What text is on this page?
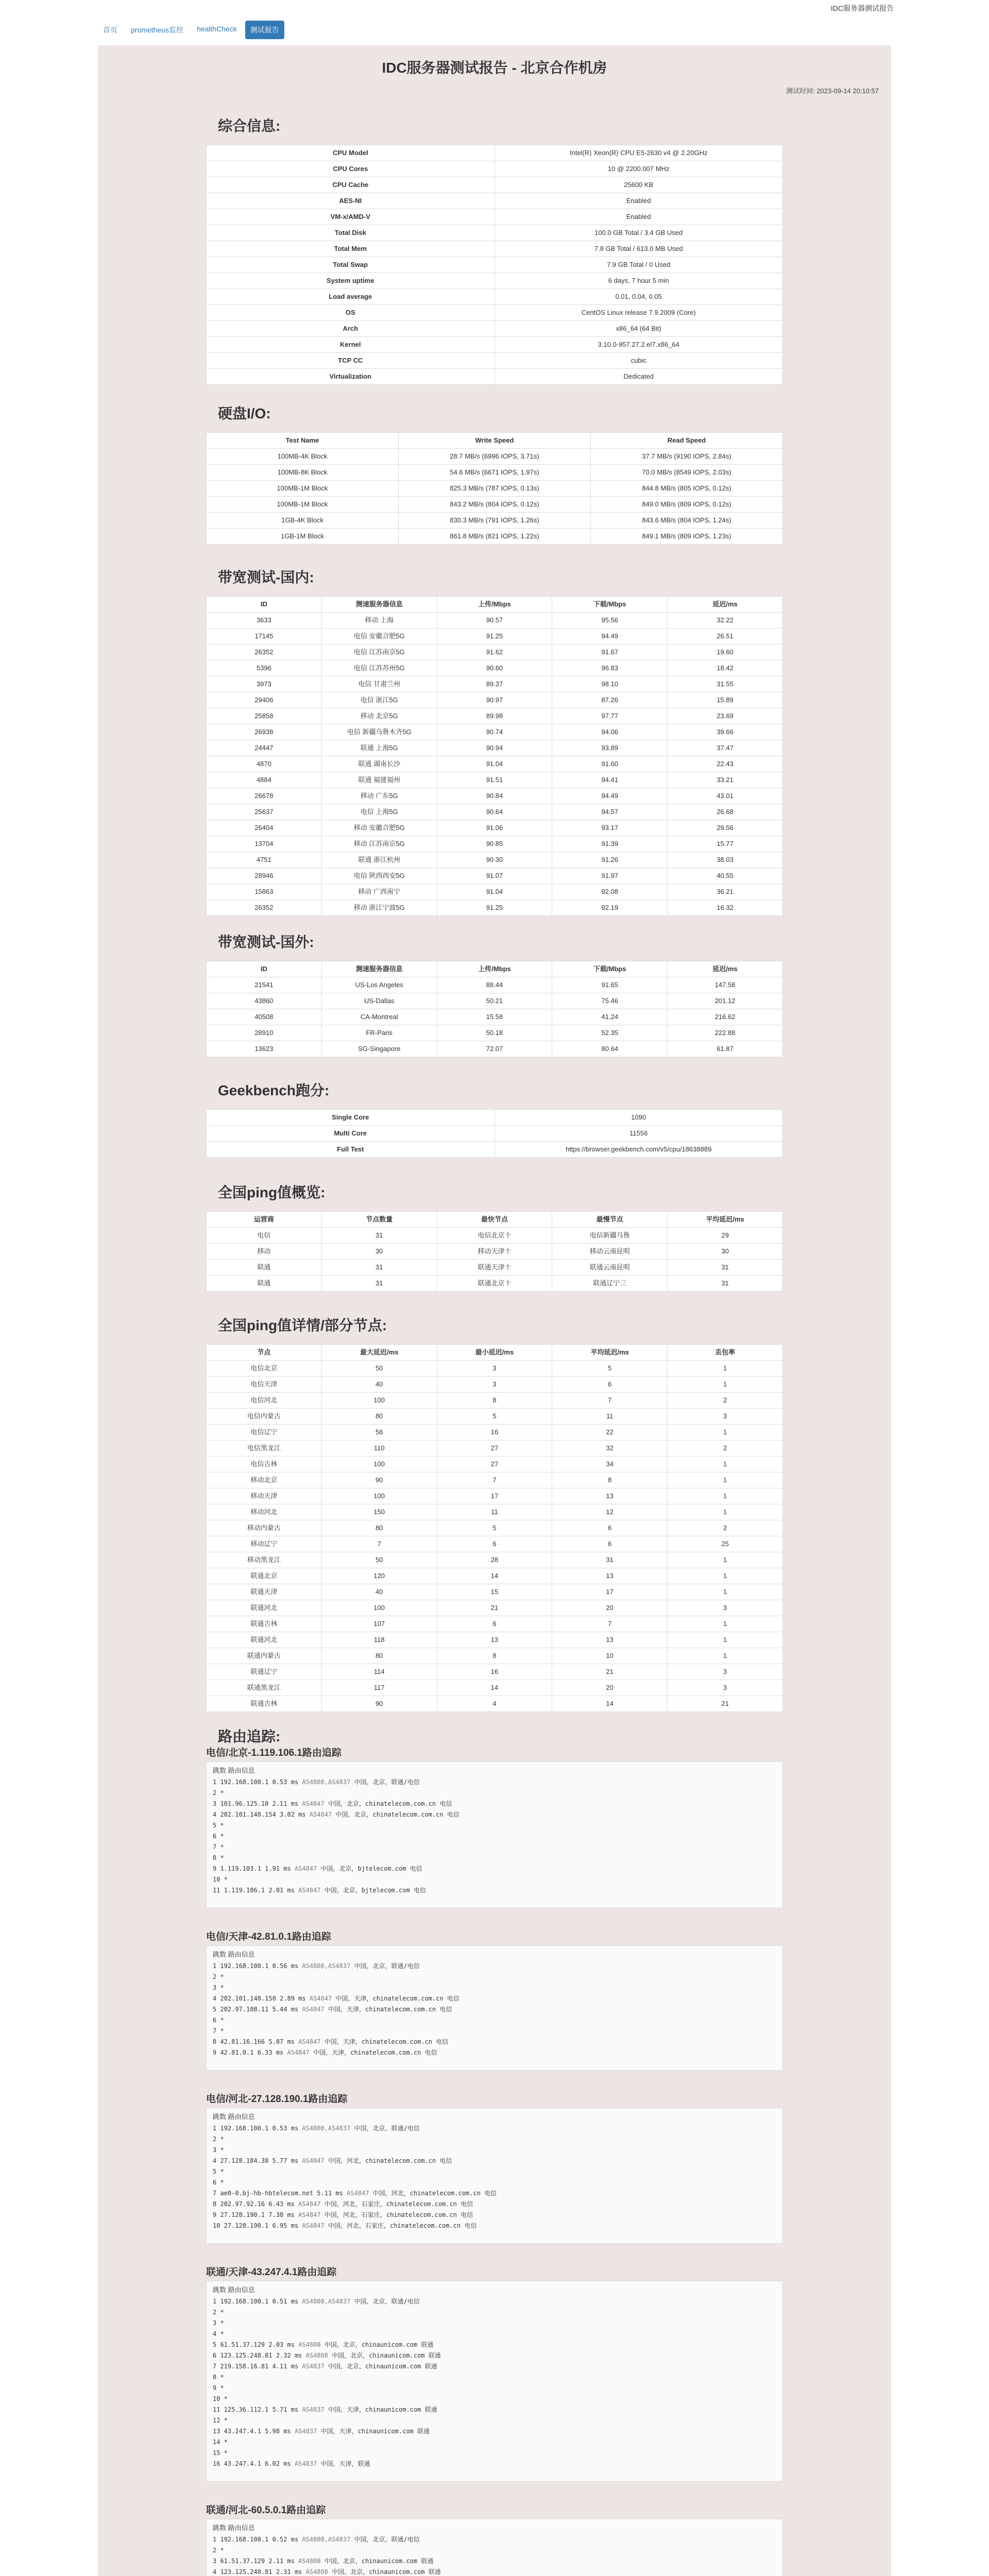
IDC服务器测试报告
首页	prometheus监控	healthCheck	测试报告
IDC服务器测试报告 - 北京合作机房
测试时间: 2023-09-14 20:10:57
综合信息:
CPU Model	Intel(R) Xeon(R) CPU E5-2630 v4 @ 2.20GHz
CPU Cores	10 @ 2200.007 MHz
CPU Cache	25600 KB
AES-NI	Enabled
VM-x/AMD-V	Enabled
Total Disk	100.0 GB Total / 3.4 GB Used
Total Mem	7.8 GB Total / 613.0 MB Used
Total Swap	7.9 GB Total / 0 Used
System uptime	6 days, 7 hour 5 min
Load average	0.01, 0.04, 0.05
OS	CentOS Linux release 7.9.2009 (Core)
Arch	x86_64 (64 Bit)
Kernel	3.10.0-957.27.2.el7.x86_64
TCP CC	cubic
Virtualization	Dedicated
硬盘I/O:
Test Name	Write Speed	Read Speed
100MB-4K Block	28.7 MB/s (6996 IOPS, 3.71s)	37.7 MB/s (9190 IOPS, 2.84s)
100MB-8K Block	54.6 MB/s (6671 IOPS, 1.97s)	70.0 MB/s (8549 IOPS, 2.03s)
100MB-1M Block	825.3 MB/s (787 IOPS, 0.13s)	844.8 MB/s (805 IOPS, 0.12s)
100MB-1M Block	843.2 MB/s (804 IOPS, 0.12s)	849.0 MB/s (809 IOPS, 0.12s)
1GB-4K Block	830.3 MB/s (791 IOPS, 1.26s)	843.6 MB/s (804 IOPS, 1.24s)
1GB-1M Block	861.8 MB/s (821 IOPS, 1.22s)	849.1 MB/s (809 IOPS, 1.23s)
带宽测试-国内:
ID	测速服务器信息	上传/Mbps	下载/Mbps	延迟/ms
3633	移动 上海	90.57	95.56	32.22
17145	电信 安徽合肥5G	91.25	94.49	26.51
26352	电信 江苏南京5G	91.62	91.67	19.60
5396	电信 江苏苏州5G	90.60	96.83	18.42
3973	电信 甘肃兰州	89.37	98.10	31.55
29406	电信 浙江5G	90.97	87.26	15.89
25858	移动 北京5G	89.98	97.77	23.69
26938	电信 新疆乌鲁木齐5G	90.74	94.06	39.66
24447	联通 上海5G	90.94	93.89	37.47
4870	联通 湖南长沙	91.04	91.60	22.43
4884	联通 福建福州	91.51	94.41	33.21
26678	移动 广东5G	90.84	94.49	43.01
25637	电信 上海5G	90.64	94.57	26.68
26404	移动 安徽合肥5G	91.06	93.17	29.56
13704	移动 江苏南京5G	90.85	91.39	15.77
4751	联通 浙江杭州	90.30	91.26	38.03
28946	电信 陕西西安5G	91.07	91.97	40.55
15863	移动 广西南宁	91.04	92.08	36.21
26352	移动 浙江宁波5G	91.25	92.19	16.32
带宽测试-国外:
ID	测速服务器信息	上传/Mbps	下载/Mbps	延迟/ms
21541	US-Los Angeles	88.44	91.65	147.58
43860	US-Dallas	50.21	75.46	201.12
40508	CA-Montreal	15.58	41.24	216.62
28910	FR-Paris	50.18	52.35	222.88
13623	SG-Singapore	72.07	80.64	61.87
Geekbench跑分:
Single Core	1090
Multi Core	11556
Full Test	https://browser.geekbench.com/v5/cpu/18638889
全国ping值概览:
运营商	节点数量	最快节点	最慢节点	平均延迟/ms
电信	31	电信北京十	电信新疆乌鲁	29
移动	30	移动天津十	移动云南昆明	30
联通	31	联通天津十	联通云南昆明	31
联通	31	联通北京十	联通辽宁三	31
全国ping值详情/部分节点:
节点	最大延迟/ms	最小延迟/ms	平均延迟/ms	丢包率
电信北京	50	3	5	1
电信天津	40	3	6	1
电信河北	100	8	7	2
电信内蒙古	80	5	11	3
电信辽宁	56	16	22	1
电信黑龙江	110	27	32	2
电信吉林	100	27	34	1
移动北京	90	7	8	1
移动天津	100	17	13	1
移动河北	150	11	12	1
移动内蒙古	80	5	6	2
移动辽宁	7	6	6	25
移动黑龙江	50	28	31	1
联通北京	120	14	13	1
联通天津	40	15	17	1
联通河北	100	21	20	3
联通吉林	107	6	7	1
联通河北	118	13	13	1
联通内蒙古	80	8	10	1
联通辽宁	114	16	21	3
联通黑龙江	117	14	20	3
联通吉林	90	4	14	21
路由追踪:
电信/北京-1.119.106.1路由追踪
跳数 路由信息
1 192.168.100.1 0.53 ms AS4808,AS4837 中国，北京，联通/电信
2 *
3 101.96.125.10 2.11 ms AS4847 中国，北京，chinatelecom.com.cn 电信
4 202.101.148.154 3.02 ms AS4847 中国，北京，chinatelecom.com.cn 电信
5 *
6 *
7 *
8 *
9 1.119.103.1 1.91 ms AS4847 中国，北京，bjtelecom.com 电信
10 *
11 1.119.106.1 2.01 ms AS4847 中国，北京，bjtelecom.com 电信
电信/天津-42.81.0.1路由追踪
跳数 路由信息
1 192.168.100.1 0.56 ms AS4808,AS4837 中国，北京，联通/电信
2 *
3 *
4 202.101.148.150 2.89 ms AS4847 中国，天津，chinatelecom.com.cn 电信
5 202.97.108.11 5.44 ms AS4847 中国，天津，chinatelecom.com.cn 电信
6 *
7 *
8 42.81.16.166 5.87 ms AS4847 中国，天津，chinatelecom.com.cn 电信
9 42.81.0.1 6.33 ms AS4847 中国，天津，chinatelecom.com.cn 电信
电信/河北-27.128.190.1路由追踪
跳数 路由信息
1 192.168.100.1 0.53 ms AS4808,AS4837 中国，北京，联通/电信
2 *
3 *
4 27.128.184.38 5.77 ms AS4847 中国，河北，chinatelecom.com.cn 电信
5 *
6 *
7 ae0-0.bj-hb-hbtelecom.net 5.11 ms AS4847 中国，河北，chinatelecom.com.cn 电信
8 202.97.92.16 6.43 ms AS4847 中国，河北，石家庄，chinatelecom.com.cn 电信
9 27.128.190.1 7.38 ms AS4847 中国，河北，石家庄，chinatelecom.com.cn 电信
10 27.128.190.1 6.95 ms AS4847 中国，河北，石家庄，chinatelecom.com.cn 电信
联通/天津-43.247.4.1路由追踪
跳数 路由信息
1 192.168.100.1 0.51 ms AS4808,AS4837 中国，北京，联通/电信
2 *
3 *
4 *
5 61.51.37.129 2.03 ms AS4808 中国，北京，chinaunicom.com 联通
6 123.125.248.81 2.32 ms AS4808 中国，北京，chinaunicom.com 联通
7 219.158.16.81 4.11 ms AS4837 中国，北京，chinaunicom.com 联通
8 *
9 *
10 *
11 125.36.112.1 5.71 ms AS4837 中国，天津，chinaunicom.com 联通
12 *
13 43.247.4.1 5.98 ms AS4837 中国，天津，chinaunicom.com 联通
14 *
15 *
16 43.247.4.1 6.02 ms AS4837 中国，天津，联通
联通/河北-60.5.0.1路由追踪
跳数 路由信息
1 192.168.100.1 0.52 ms AS4808,AS4837 中国，北京，联通/电信
2 *
3 61.51.37.129 2.11 ms AS4808 中国，北京，chinaunicom.com 联通
4 123.125.248.81 2.31 ms AS4808 中国，北京，chinaunicom.com 联通
